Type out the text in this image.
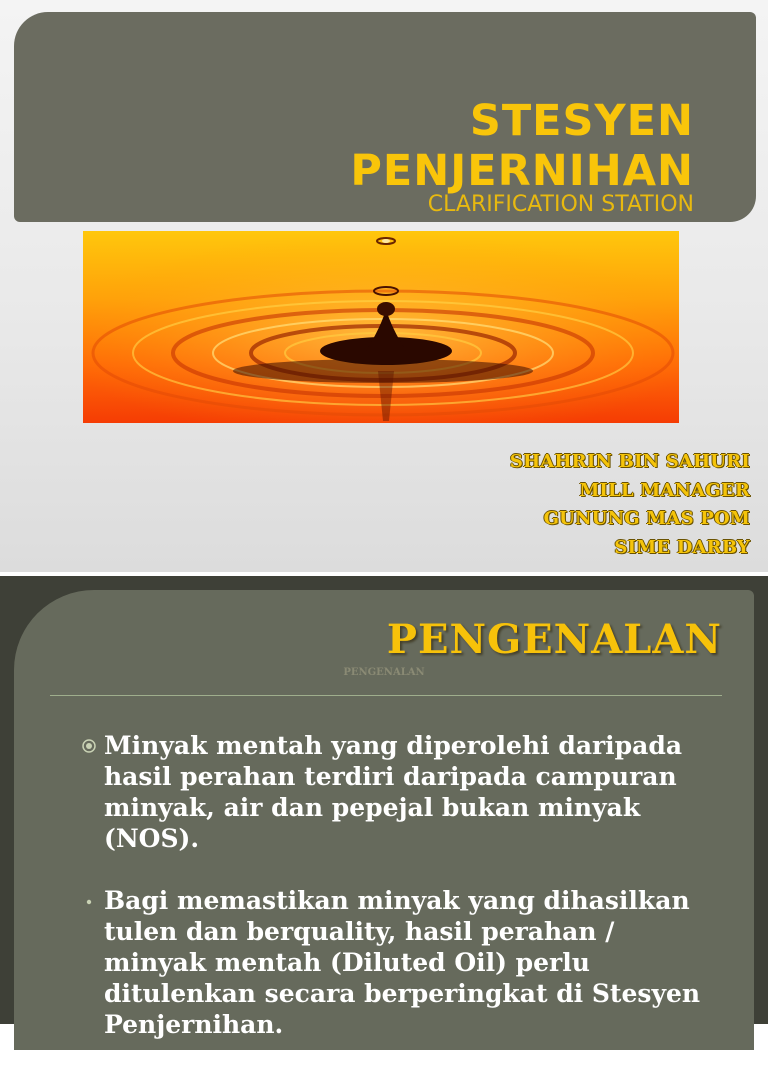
STESYEN
PENJERNIHAN
CLARIFICATION STATION
SHAHRIN BIN SAHURI
MILL MANAGER
GUNUNG MAS POM
SIME DARBY
PENGENALAN
PENGENALAN
Minyak mentah yang diperolehi daripada hasil perahan terdiri daripada campuran minyak, air dan pepejal bukan minyak (NOS).
Bagi memastikan minyak yang dihasilkan tulen dan berquality, hasil perahan / minyak mentah (Diluted Oil) perlu ditulenkan secara berperingkat di Stesyen Penjernihan.
